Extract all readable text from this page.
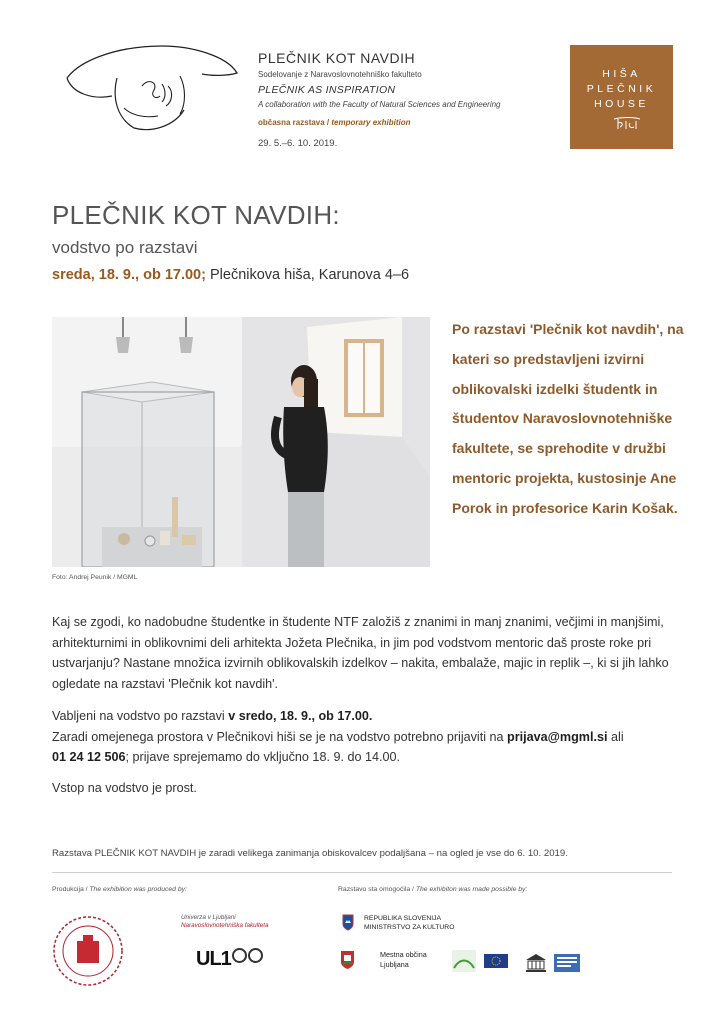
PLEČNIK KOT NAVDIH
Sodelovanje z Naravoslovnotehniško fakulteto
PLEČNIK AS INSPIRATION
A collaboration with the Faculty of Natural Sciences and Engineering
občasna razstava / temporary exhibition
29. 5.–6. 10. 2019.
HIŠA
PLEČNIK
HOUSE
PLEČNIK KOT NAVDIH:
vodstvo po razstavi
sreda, 18. 9., ob 17.00; Plečnikova hiša, Karunova 4–6
Foto: Andrej Peunik / MGML
Po razstavi 'Plečnik kot navdih', na kateri so predstavljeni izvirni oblikovalski izdelki študentk in študentov Naravoslovnotehniške fakultete, se sprehodite v družbi mentoric projekta, kustosinje Ane Porok in profesorice Karin Košak.
Kaj se zgodi, ko nadobudne študentke in študente NTF založiš z znanimi in manj znanimi, večjimi in manjšimi, arhitekturnimi in oblikovnimi deli arhitekta Jožeta Plečnika, in jim pod vodstvom mentoric daš proste roke pri ustvarjanju? Nastane množica izvirnih oblikovalskih izdelkov – nakita, embalaže, majic in replik –, ki si jih lahko ogledate na razstavi 'Plečnik kot navdih'.
Vabljeni na vodstvo po razstavi v sredo, 18. 9., ob 17.00.
Zaradi omejenega prostora v Plečnikovi hiši se je na vodstvo potrebno prijaviti na prijava@mgml.si ali
01 24 12 506; prijave sprejemamo do vključno 18. 9. do 14.00.
Vstop na vodstvo je prost.
Razstava PLEČNIK KOT NAVDIH je zaradi velikega zanimanja obiskovalcev podaljšana – na ogled je vse do 6. 10. 2019.
Produkcija / The exhibition was produced by:	Razstavo sta omogočila / The exhibiton was made possible by:
Univerza v Ljubljani
Naravoslovnotehniška fakulteta
UL1
REPUBLIKA SLOVENIJA
MINISTRSTVO ZA KULTURO
Mestna občina
Ljubljana
